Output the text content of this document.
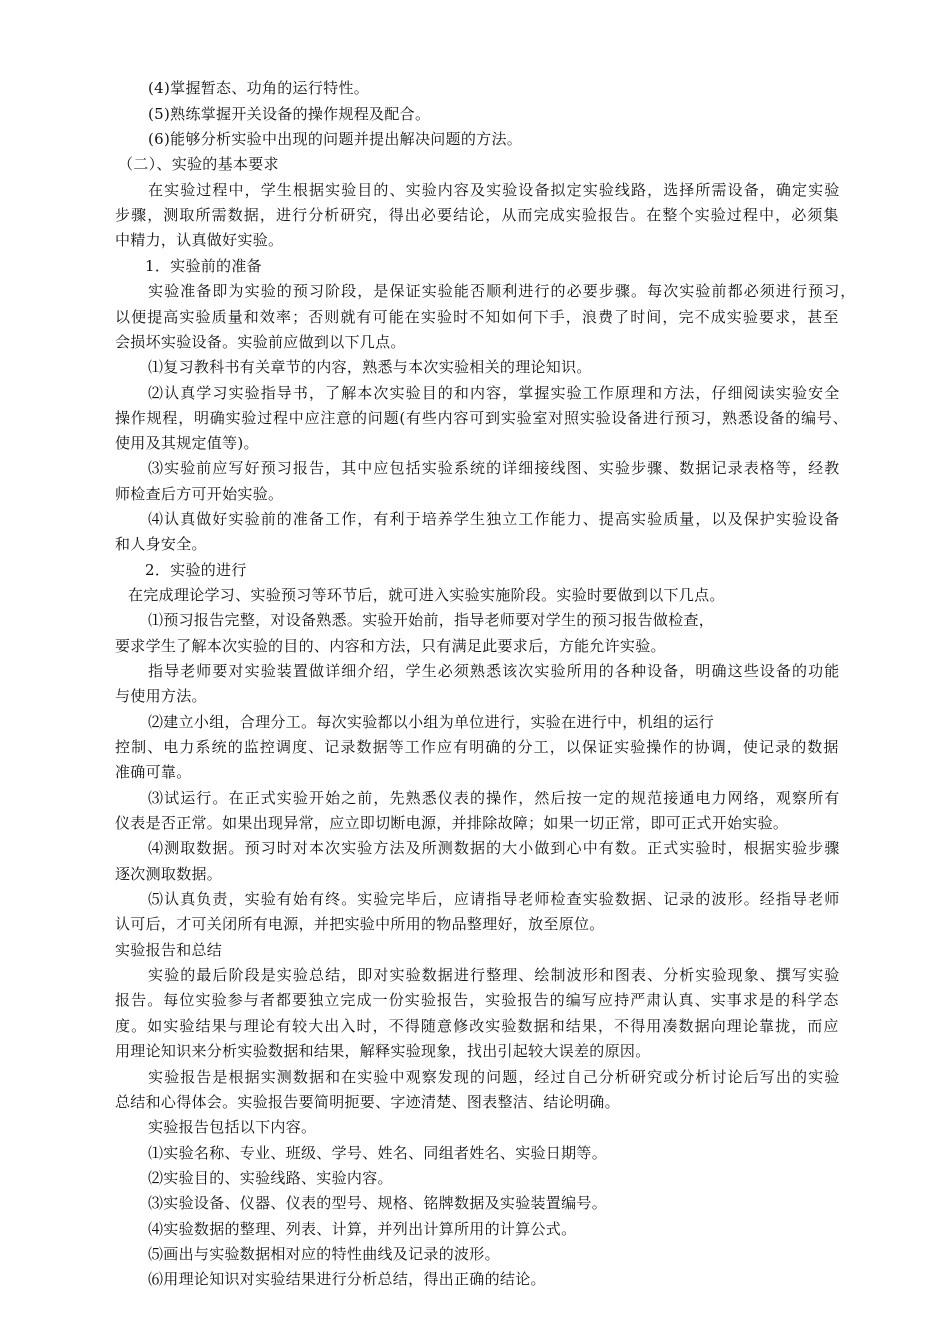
(4)掌握暂态、功角的运行特性。
(5)熟练掌握开关设备的操作规程及配合。
(6)能够分析实验中出现的问题并提出解决问题的方法。
（二）、实验的基本要求
在实验过程中，学生根据实验目的、实验内容及实验设备拟定实验线路，选择所需设备，确定实验
步骤，测取所需数据，进行分析研究，得出必要结论，从而完成实验报告。在整个实验过程中，必须集
中精力，认真做好实验。
1．实验前的准备
实验准备即为实验的预习阶段，是保证实验能否顺利进行的必要步骤。每次实验前都必须进行预习，
以便提高实验质量和效率；否则就有可能在实验时不知如何下手，浪费了时间，完不成实验要求，甚至
会损坏实验设备。实验前应做到以下几点。
⑴复习教科书有关章节的内容，熟悉与本次实验相关的理论知识。
⑵认真学习实验指导书，了解本次实验目的和内容，掌握实验工作原理和方法，仔细阅读实验安全
操作规程，明确实验过程中应注意的问题(有些内容可到实验室对照实验设备进行预习，熟悉设备的编号、
使用及其规定值等)。
⑶实验前应写好预习报告，其中应包括实验系统的详细接线图、实验步骤、数据记录表格等，经教
师检查后方可开始实验。
⑷认真做好实验前的准备工作，有利于培养学生独立工作能力、提高实验质量，以及保护实验设备
和人身安全。
2．实验的进行
在完成理论学习、实验预习等环节后，就可进入实验实施阶段。实验时要做到以下几点。
⑴预习报告完整，对设备熟悉。实验开始前，指导老师要对学生的预习报告做检查，
要求学生了解本次实验的目的、内容和方法，只有满足此要求后，方能允许实验。
指导老师要对实验装置做详细介绍，学生必须熟悉该次实验所用的各种设备，明确这些设备的功能
与使用方法。
⑵建立小组，合理分工。每次实验都以小组为单位进行，实验在进行中，机组的运行
控制、电力系统的监控调度、记录数据等工作应有明确的分工，以保证实验操作的协调，使记录的数据
准确可靠。
⑶试运行。在正式实验开始之前，先熟悉仪表的操作，然后按一定的规范接通电力网络，观察所有
仪表是否正常。如果出现异常，应立即切断电源，并排除故障；如果一切正常，即可正式开始实验。
⑷测取数据。预习时对本次实验方法及所测数据的大小做到心中有数。正式实验时，根据实验步骤
逐次测取数据。
⑸认真负责，实验有始有终。实验完毕后，应请指导老师检查实验数据、记录的波形。经指导老师
认可后，才可关闭所有电源，并把实验中所用的物品整理好，放至原位。
实验报告和总结
实验的最后阶段是实验总结，即对实验数据进行整理、绘制波形和图表、分析实验现象、撰写实验
报告。每位实验参与者都要独立完成一份实验报告，实验报告的编写应持严肃认真、实事求是的科学态
度。如实验结果与理论有较大出入时，不得随意修改实验数据和结果，不得用凑数据向理论靠拢，而应
用理论知识来分析实验数据和结果，解释实验现象，找出引起较大误差的原因。
实验报告是根据实测数据和在实验中观察发现的问题，经过自己分析研究或分析讨论后写出的实验
总结和心得体会。实验报告要简明扼要、字迹清楚、图表整洁、结论明确。
实验报告包括以下内容。
⑴实验名称、专业、班级、学号、姓名、同组者姓名、实验日期等。
⑵实验目的、实验线路、实验内容。
⑶实验设备、仪器、仪表的型号、规格、铭牌数据及实验装置编号。
⑷实验数据的整理、列表、计算，并列出计算所用的计算公式。
⑸画出与实验数据相对应的特性曲线及记录的波形。
⑹用理论知识对实验结果进行分析总结，得出正确的结论。
